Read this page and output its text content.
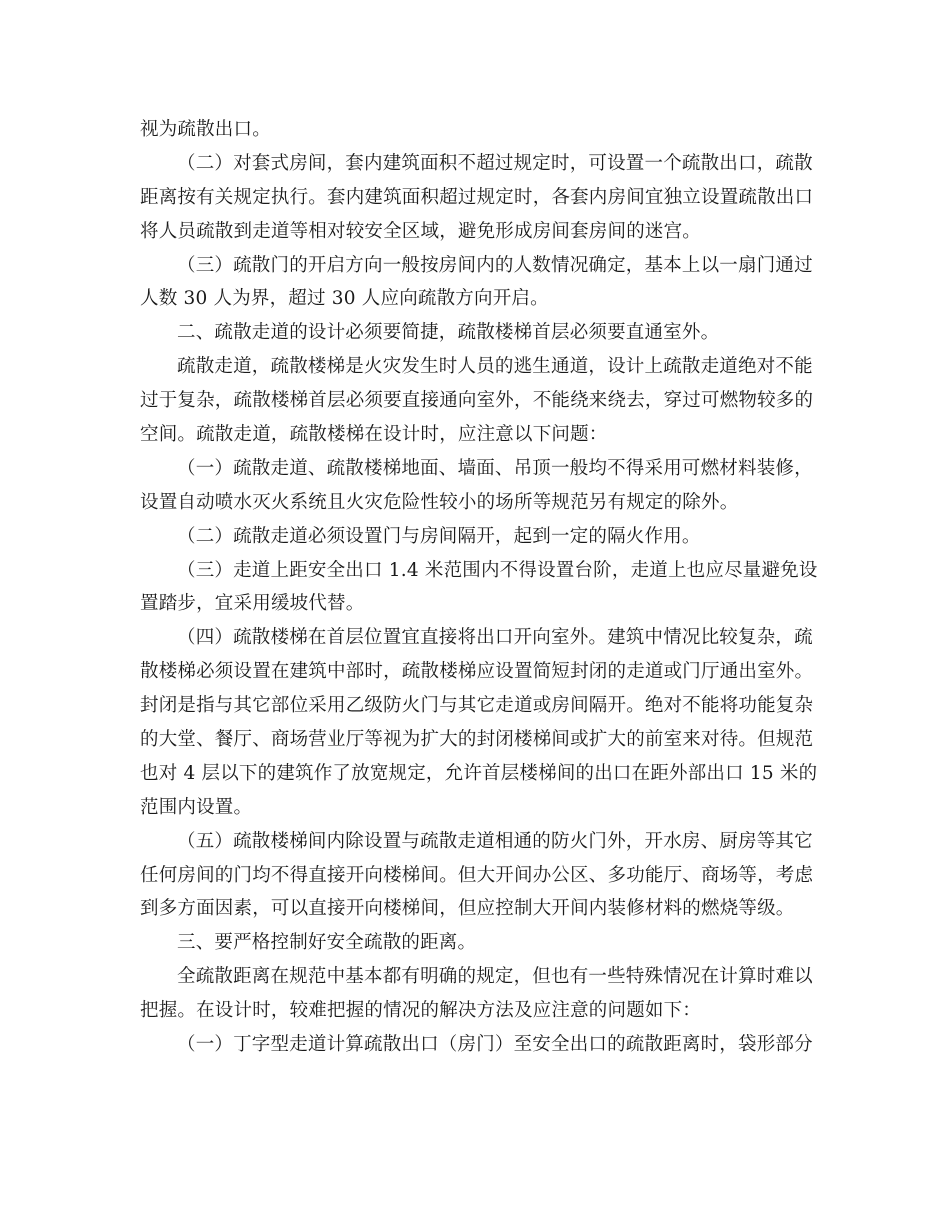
视为疏散出口。
（二）对套式房间，套内建筑面积不超过规定时，可设置一个疏散出口，疏散
距离按有关规定执行。套内建筑面积超过规定时，各套内房间宜独立设置疏散出口
将人员疏散到走道等相对较安全区域，避免形成房间套房间的迷宫。
（三）疏散门的开启方向一般按房间内的人数情况确定，基本上以一扇门通过
人数 30 人为界，超过 30 人应向疏散方向开启。
二、疏散走道的设计必须要简捷，疏散楼梯首层必须要直通室外。
疏散走道，疏散楼梯是火灾发生时人员的逃生通道，设计上疏散走道绝对不能
过于复杂，疏散楼梯首层必须要直接通向室外，不能绕来绕去，穿过可燃物较多的
空间。疏散走道，疏散楼梯在设计时，应注意以下问题：
（一）疏散走道、疏散楼梯地面、墙面、吊顶一般均不得采用可燃材料装修，
设置自动喷水灭火系统且火灾危险性较小的场所等规范另有规定的除外。
（二）疏散走道必须设置门与房间隔开，起到一定的隔火作用。
（三）走道上距安全出口 1.4 米范围内不得设置台阶，走道上也应尽量避免设
置踏步，宜采用缓坡代替。
（四）疏散楼梯在首层位置宜直接将出口开向室外。建筑中情况比较复杂，疏
散楼梯必须设置在建筑中部时，疏散楼梯应设置简短封闭的走道或门厅通出室外。
封闭是指与其它部位采用乙级防火门与其它走道或房间隔开。绝对不能将功能复杂
的大堂、餐厅、商场营业厅等视为扩大的封闭楼梯间或扩大的前室来对待。但规范
也对 4 层以下的建筑作了放宽规定，允许首层楼梯间的出口在距外部出口 15 米的
范围内设置。
（五）疏散楼梯间内除设置与疏散走道相通的防火门外，开水房、厨房等其它
任何房间的门均不得直接开向楼梯间。但大开间办公区、多功能厅、商场等，考虑
到多方面因素，可以直接开向楼梯间，但应控制大开间内装修材料的燃烧等级。
三、要严格控制好安全疏散的距离。
全疏散距离在规范中基本都有明确的规定，但也有一些特殊情况在计算时难以
把握。在设计时，较难把握的情况的解决方法及应注意的问题如下：
（一）丁字型走道计算疏散出口（房门）至安全出口的疏散距离时，袋形部分
